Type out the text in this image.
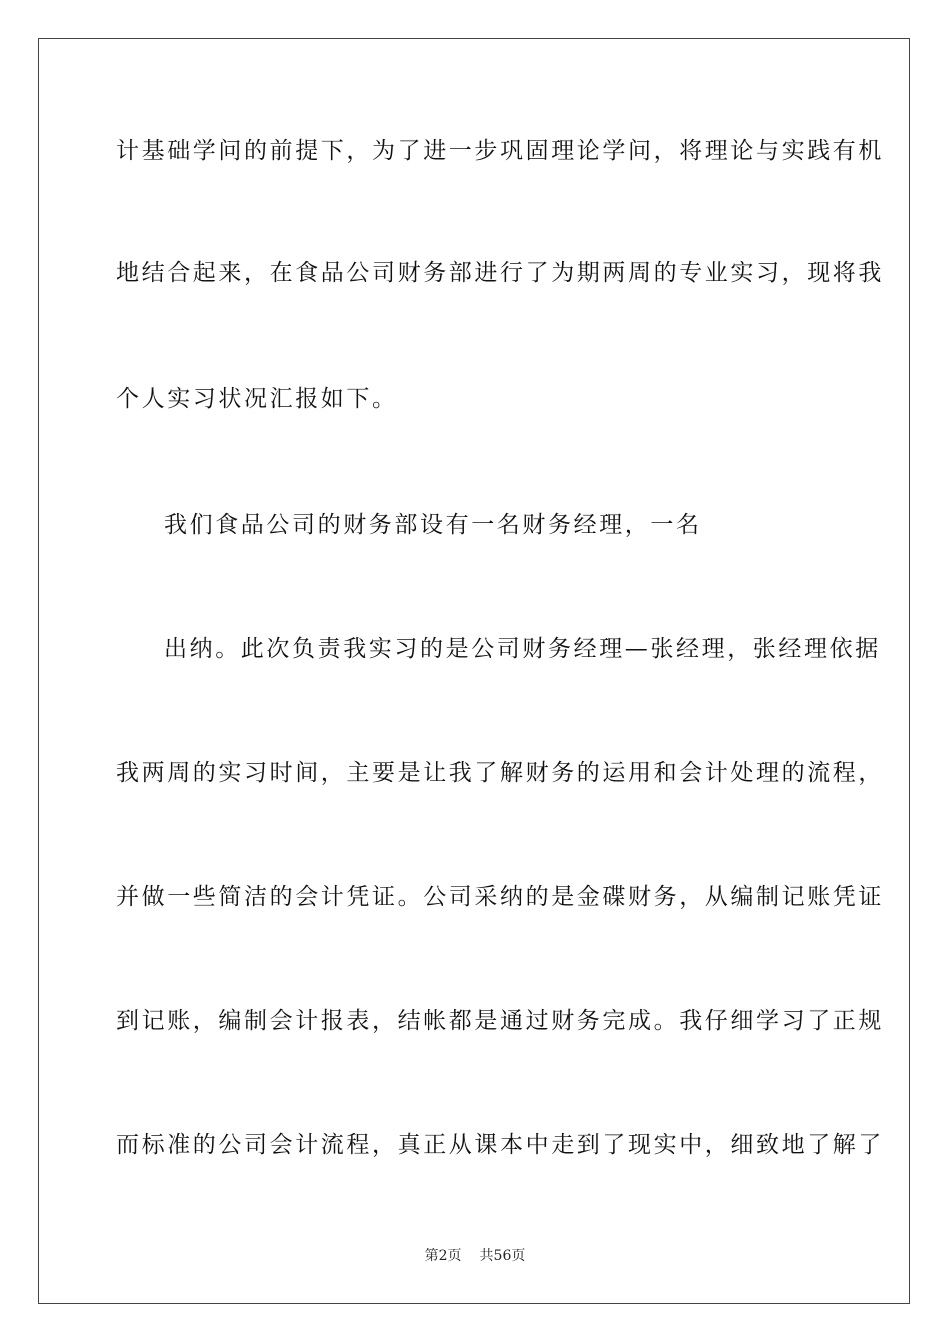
计基础学问的前提下，为了进一步巩固理论学问，将理论与实践有机
地结合起来，在食品公司财务部进行了为期两周的专业实习，现将我
个人实习状况汇报如下。
我们食品公司的财务部设有一名财务经理，一名
出纳。此次负责我实习的是公司财务经理—张经理，张经理依据
我两周的实习时间，主要是让我了解财务的运用和会计处理的流程，
并做一些简洁的会计凭证。公司采纳的是金碟财务，从编制记账凭证
到记账，编制会计报表，结帐都是通过财务完成。我仔细学习了正规
而标准的公司会计流程，真正从课本中走到了现实中，细致地了解了
第2页 共56页
